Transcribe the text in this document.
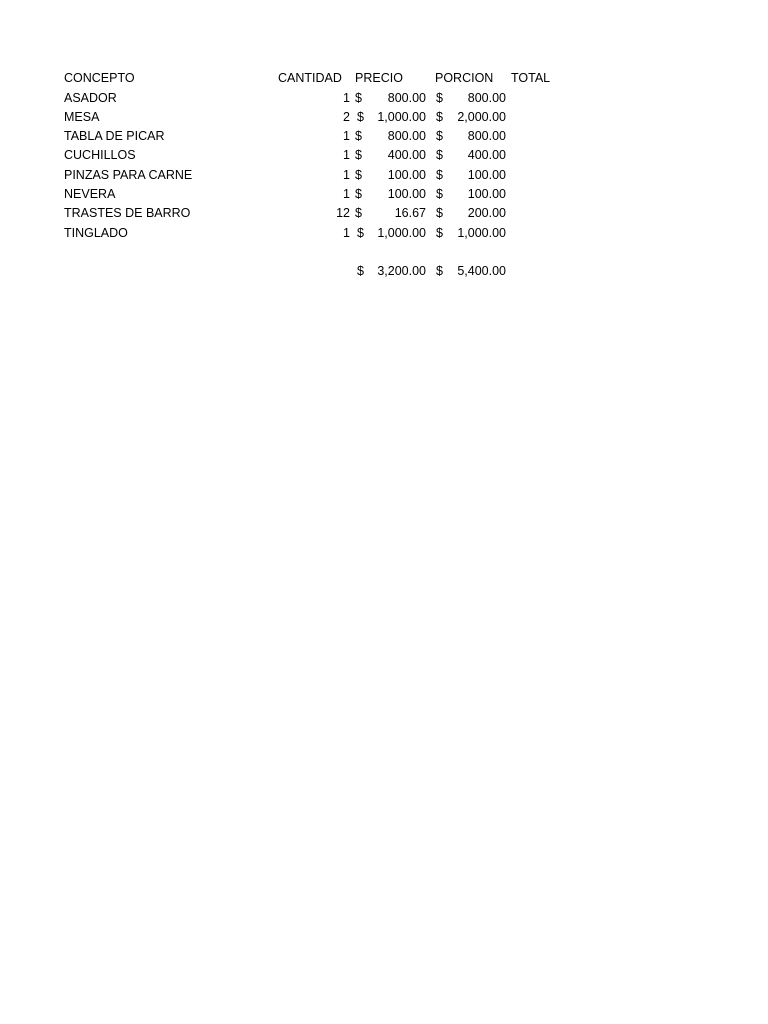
CONCEPTO	CANTIDAD PRECIO	PORCION TOTAL
ASADOR	1 $ 800.00 $ 800.00
MESA	2 $ 1,000.00 $ 2,000.00
TABLA DE PICAR	1 $ 800.00 $ 800.00
CUCHILLOS	1 $ 400.00 $ 400.00
PINZAS PARA CARNE	1 $ 100.00 $ 100.00
NEVERA	1 $ 100.00 $ 100.00
TRASTES DE BARRO	12 $	16.67 $ 200.00
TINGLADO	1 $ 1,000.00 $ 1,000.00
$ 3,200.00 $ 5,400.00
